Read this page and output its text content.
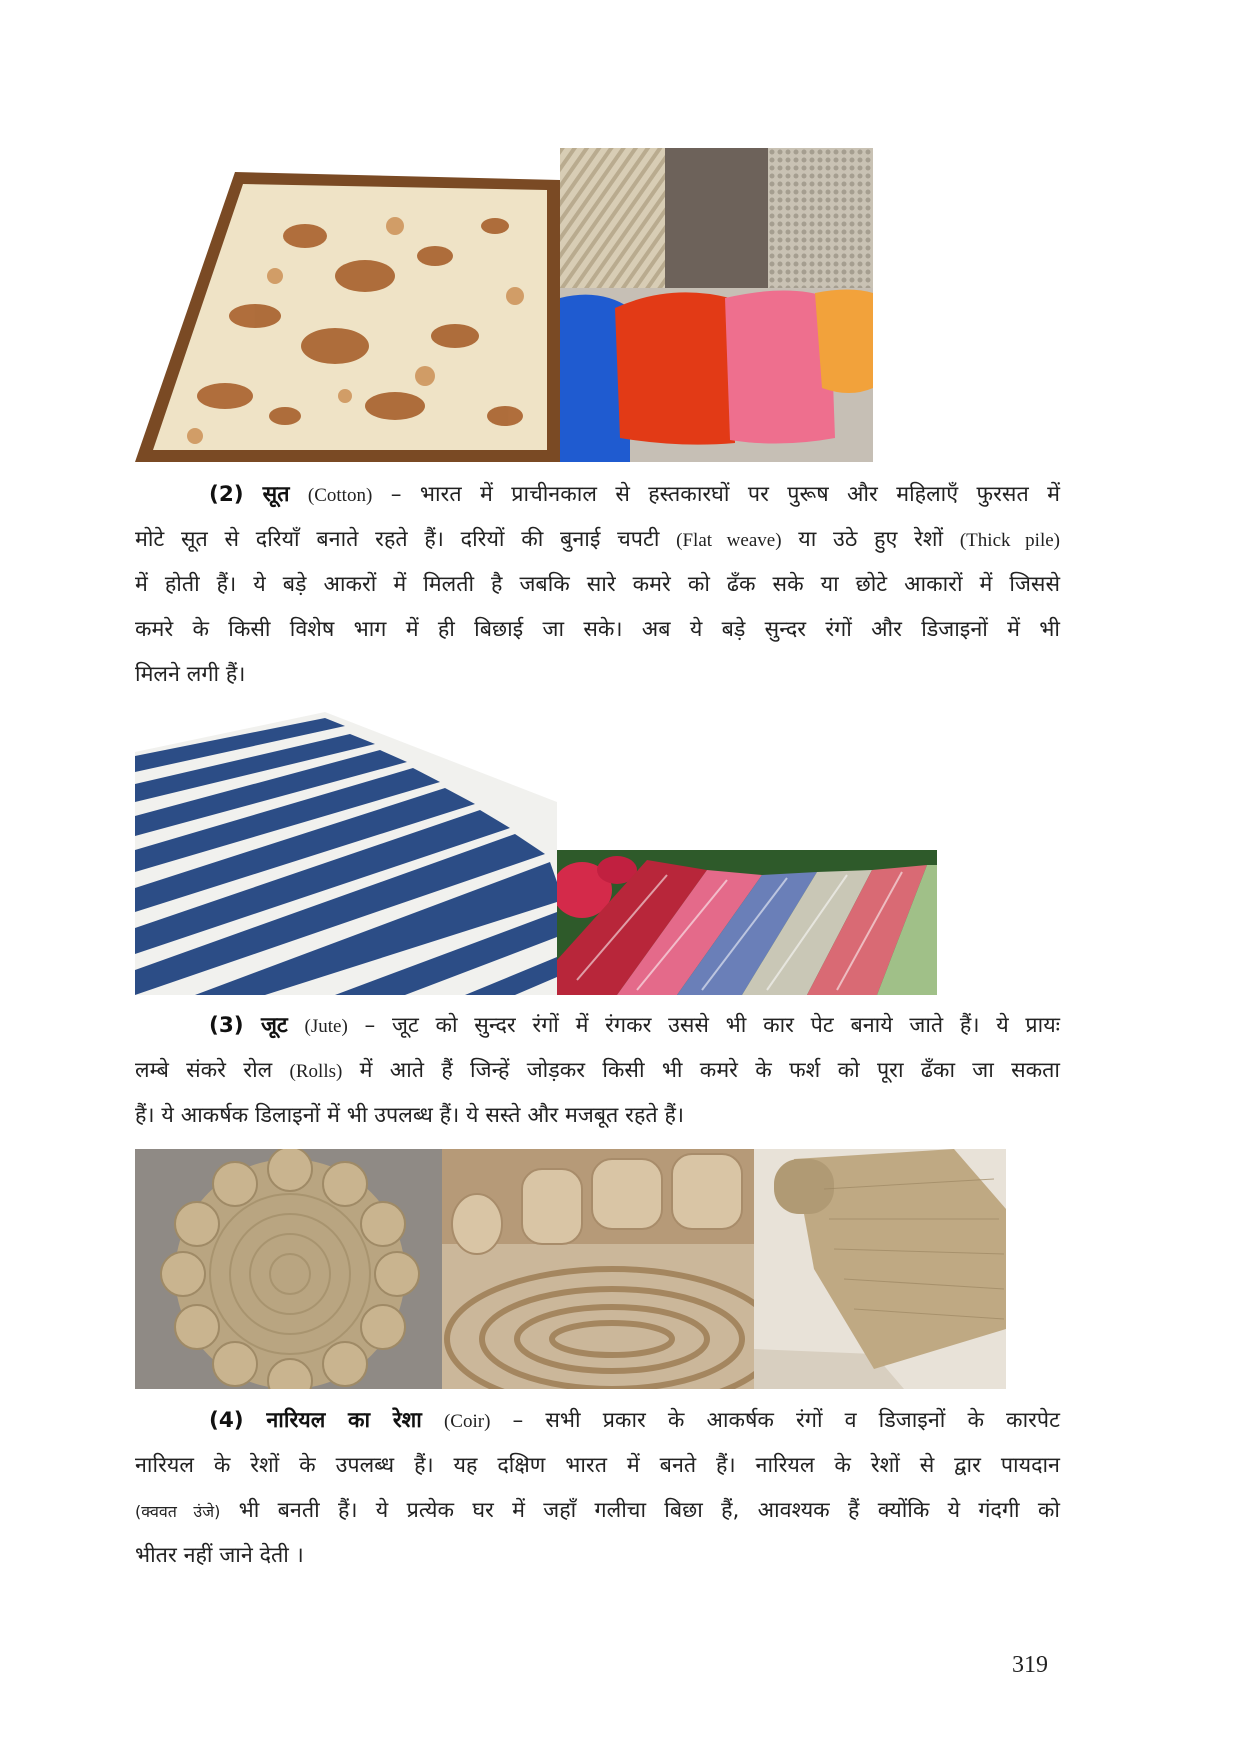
(2) सूत (Cotton) – भारत में प्राचीनकाल से हस्तकारघों पर पुरूष और महिलाएँ फुरसत में
मोटे सूत से दरियाँ बनाते रहते हैं। दरियों की बुनाई चपटी (Flat weave) या उठे हुए रेशों (Thick pile)
में होती हैं। ये बड़े आकरों में मिलती है जबकि सारे कमरे को ढँक सके या छोटे आकारों में जिससे
कमरे के किसी विशेष भाग में ही बिछाई जा सके। अब ये बड़े सुन्दर रंगों और डिजाइनों में भी
मिलने लगी हैं।
(3) जूट (Jute) – जूट को सुन्दर रंगों में रंगकर उससे भी कार पेट बनाये जाते हैं। ये प्रायः
लम्बे संकरे रोल (Rolls) में आते हैं जिन्हें जोड़कर किसी भी कमरे के फर्श को पूरा ढँका जा सकता
हैं। ये आकर्षक डिलाइनों में भी उपलब्ध हैं। ये सस्ते और मजबूत रहते हैं।
(4) नारियल का रेशा (Coir) – सभी प्रकार के आकर्षक रंगों व डिजाइनों के कारपेट
नारियल के रेशों के उपलब्ध हैं। यह दक्षिण भारत में बनते हैं। नारियल के रेशों से द्वार पायदान
(क्ववत उंजे) भी बनती हैं। ये प्रत्येक घर में जहाँ गलीचा बिछा हैं, आवश्यक हैं क्योंकि ये गंदगी को
भीतर नहीं जाने देती ।
319
